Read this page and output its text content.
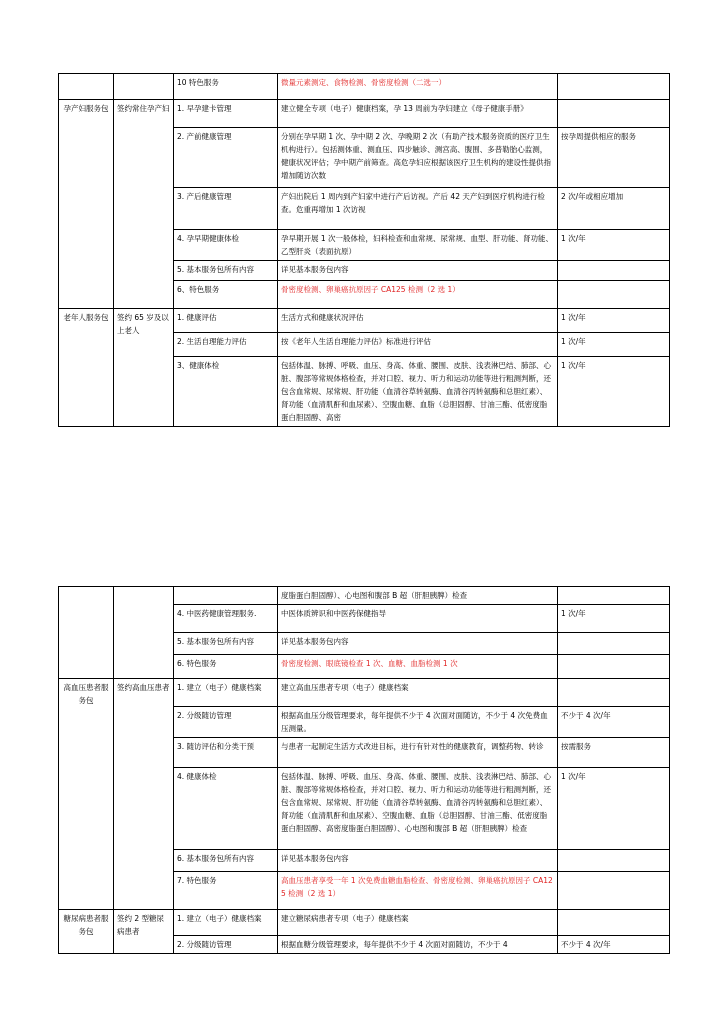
		10 特色服务	微量元素测定、食物检测、骨密度检测（二选一）	
孕产妇服务包	签约常住孕产妇	1. 早孕建卡管理	建立健全专项（电子）健康档案，孕 13 周前为孕妇建立《母子健康手册》	
		2. 产前健康管理	分别在孕早期 1 次、孕中期 2 次、孕晚期 2 次（有助产技术服务资质的医疗卫生机构进行）。包括测体重、测血压、四步触诊、测宫高、腹围、多普勒胎心监测，健康状况评估；孕中期产前筛查。高危孕妇应根据该医疗卫生机构的建设性提供指增加随访次数	按孕周提供相应的服务
		3. 产后健康管理	产妇出院后 1 周内到产妇家中进行产后访视。产后 42 天产妇到医疗机构进行检查。危重再增加 1 次访视	2 次/年或相应增加
		4. 孕早期健康体检	孕早期开展 1 次一般体检，妇科检查和血常规、尿常规、血型、肝功能、肾功能、乙型肝炎（表面抗原）	1 次/年
		5. 基本服务包所有内容	详见基本服务包内容	
		6、特色服务	骨密度检测、卵巢癌抗原因子 CA125 检测（2 选 1）	
老年人服务包	签约 65 岁及以上老人	1. 健康评估	生活方式和健康状况评估	1 次/年
		2. 生活自理能力评估	按《老年人生活自理能力评估》标准进行评估	1 次/年
		3、健康体检	包括体温、脉搏、呼吸、血压、身高、体重、腰围、皮肤、浅表淋巴结、肺部、心脏、腹部等常规体格检查，并对口腔、视力、听力和运动功能等进行粗测判断，还包含血常规、尿常规、肝功能（血清谷草转氨酶、血清谷丙转氨酶和总胆红素）、肾功能（血清肌酐和血尿素）、空腹血糖、血脂（总胆固醇、甘油三酯、低密度脂蛋白胆固醇、高密	1 次/年
			度脂蛋白胆固醇）、心电图和腹部 B 超（肝胆胰脾）检查	
		4. 中医药健康管理服务.	中医体质辨识和中医药保健指导	1 次/年
		5. 基本服务包所有内容	详见基本服务包内容	
		6. 特色服务	骨密度检测、眼底镜检查 1 次、血糖、血脂检测 1 次	
高血压患者服务包	签约高血压患者	1. 建立（电子）健康档案	建立高血压患者专项（电子）健康档案	
		2. 分级随访管理	根据高血压分级管理要求，每年提供不少于 4 次面对面随访，不少于 4 次免费血压测量。	不少于 4 次/年
		3. 随访评估和分类干预	与患者一起制定生活方式改进目标，进行有针对性的健康教育，调整药物、转诊	按需服务
		4. 健康体检	包括体温、脉搏、呼吸、血压、身高、体重、腰围、皮肤、浅表淋巴结、肺部、心脏、腹部等常规体格检查，并对口腔、视力、听力和运动功能等进行粗测判断，还包含血常规、尿常规、肝功能（血清谷草转氨酶、血清谷丙转氨酶和总胆红素）、肾功能（血清肌酐和血尿素）、空腹血糖、血脂（总胆固醇、甘油三酯、低密度脂蛋白胆固醇、高密度脂蛋白胆固醇）、心电图和腹部 B 超（肝胆胰脾）检查	1 次/年
		6. 基本服务包所有内容	详见基本服务包内容	
		7. 特色服务	高血压患者享受一年 1 次免费血糖血脂检查、骨密度检测、卵巢癌抗原因子 CA125 检测（2 选 1）	
糖尿病患者服务包	签约 2 型糖尿病患者	1. 建立（电子）健康档案	建立糖尿病患者专项（电子）健康档案	
		2. 分级随访管理	根据血糖分级管理要求，每年提供不少于 4 次面对面随访，不少于 4	不少于 4 次/年
